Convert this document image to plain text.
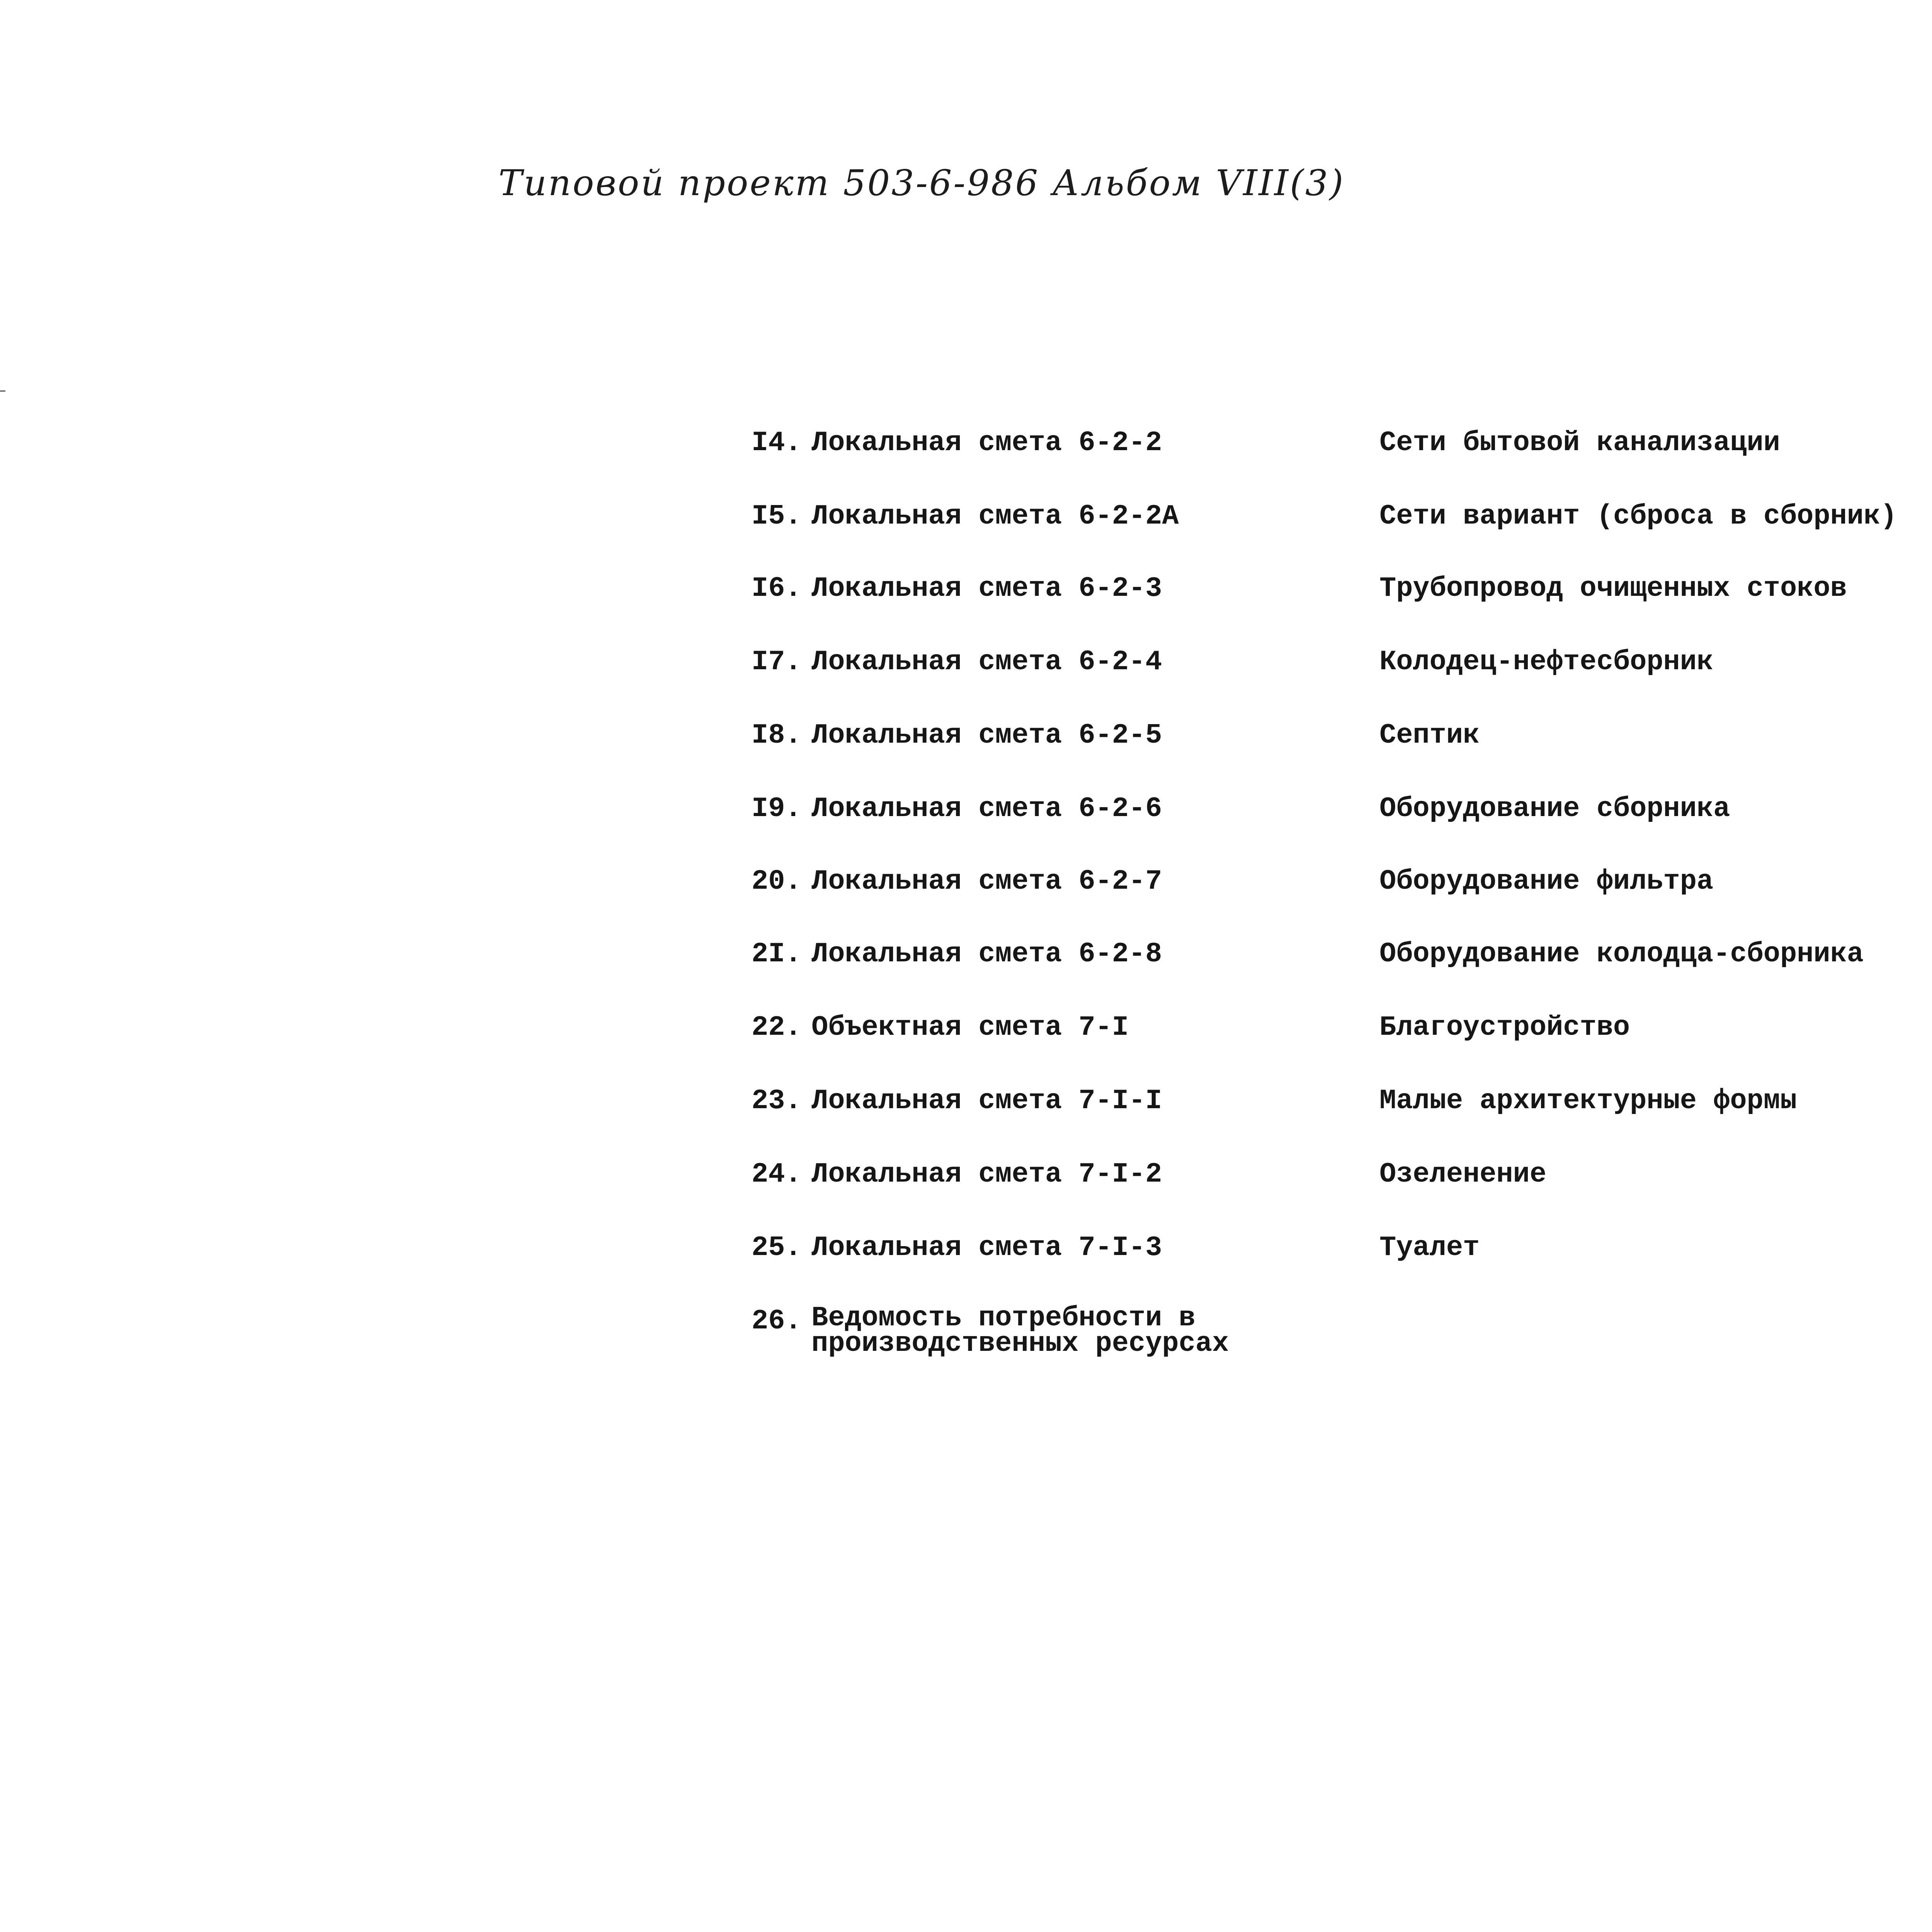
Типовой проект 503-6-986 Альбом VIII(3)
I4. Локальная смета 6-2-2	Сети бытовой канализации
I5. Локальная смета 6-2-2А	Сети вариант (сброса в сборник)
I6. Локальная смета 6-2-3	Трубопровод очищенных стоков
I7. Локальная смета 6-2-4	Колодец-нефтесборник
I8. Локальная смета 6-2-5	Септик
I9. Локальная смета 6-2-6	Оборудование сборника
20. Локальная смета 6-2-7	Оборудование фильтра
2I. Локальная смета 6-2-8	Оборудование колодца-сборника
22. Объектная смета 7-I	Благоустройство
23. Локальная смета 7-I-I	Малые архитектурные формы
24. Локальная смета 7-I-2	Озеленение
25. Локальная смета 7-I-3	Туалет
26. Ведомость потребности в
производственных ресурсах
